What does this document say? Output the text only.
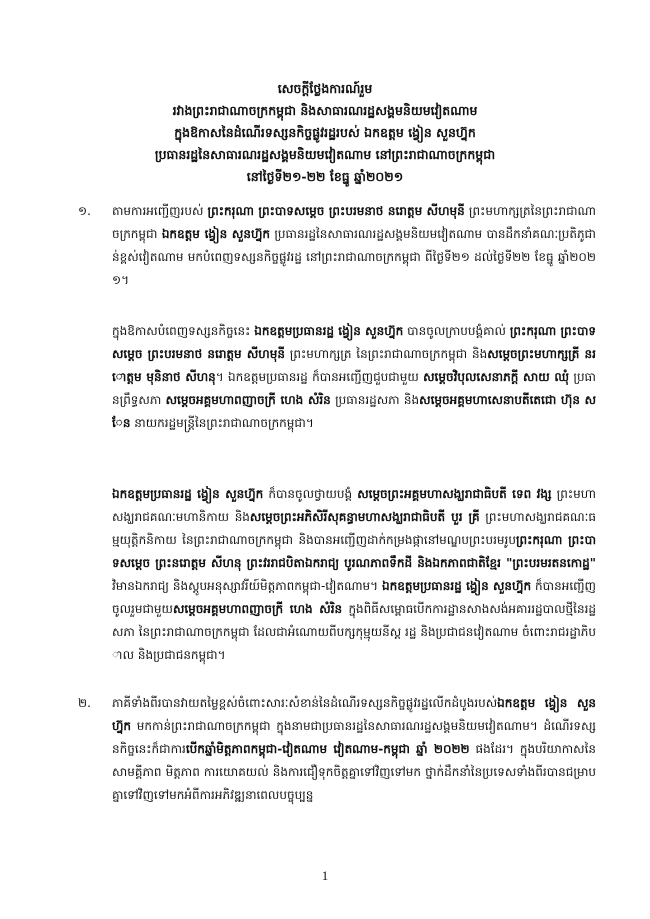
សេចក្តីថ្លែងការណ៍រួម
រវាងព្រះរាជាណាចក្រកម្ពុជា និងសាធារណរដ្ឋសង្គមនិយមវៀតណាម
ក្នុងឱកាសនៃដំណើរទស្សនកិច្ចផ្លូវរដ្ឋរបស់ ឯកឧត្តម ង្វៀន សួនហ្វ៊ុក
ប្រធានរដ្ឋនៃសាធារណរដ្ឋសង្គមនិយមវៀតណាម នៅព្រះរាជាណាចក្រកម្ពុជា
នៅថ្ងៃទី២១-២២ ខែធ្នូ ឆ្នាំ២០២១
១. តាមការអញ្ជើញរបស់ ព្រះករុណា ព្រះបាទសម្តេច ព្រះបរមនាថ នរោត្តម សីហមុនី ព្រះមហាក្សត្រនៃព្រះរាជាណាចក្រកម្ពុជា ឯកឧត្តម ង្វៀន សួនហ្វ៊ុក ប្រធានរដ្ឋនៃសាធារណរដ្ឋសង្គមនិយមវៀតណាម បានដឹកនាំគណៈប្រតិភូជាន់ខ្ពស់វៀតណាម មកបំពេញទស្សនកិច្ចផ្លូវរដ្ឋ នៅព្រះរាជាណាចក្រកម្ពុជា ពីថ្ងៃទី២១ ដល់ថ្ងៃទី២២ ខែធ្នូ ឆ្នាំ២០២១។
ក្នុងឱកាសបំពេញទស្សនកិច្ចនេះ ឯកឧត្តមប្រធានរដ្ឋ ង្វៀន សួនហ្វ៊ុក បានចូលក្រាបបង្គំគាល់ ព្រះករុណា ព្រះបាទសម្តេច ព្រះបរមនាថ នរោត្តម សីហមុនី ព្រះមហាក្សត្រ នៃព្រះរាជាណាចក្រកម្ពុជា និងសម្តេចព្រះមហាក្សត្រី នរោត្តម មុនិនាថ សីហនុ។ ឯកឧត្តមប្រធានរដ្ឋ ក៏បានអញ្ជើញជួបជាមួយ សម្តេចវិបុលសេនាភក្តី សាយ ឈុំ ប្រធានព្រឹទ្ធសភា សម្តេចអគ្គមហាពញាចក្រី ហេង សំរិន ប្រធានរដ្ឋសភា និងសម្តេចអគ្គមហាសេនាបតីតេជោ ហ៊ុន សែន នាយករដ្ឋមន្ត្រីនៃព្រះរាជាណាចក្រកម្ពុជា។
ឯកឧត្តមប្រធានរដ្ឋ ង្វៀន សួនហ្វ៊ុក ក៏បានចូលថ្វាយបង្គំ សម្តេចព្រះអគ្គមហាសង្ឃរាជាធិបតី ទេព វង្ស ព្រះមហាសង្ឃរាជគណៈមហានិកាយ និងសម្តេចព្រះអភិសិរីសុគន្ធាមហាសង្ឃរាជាធិបតី បួរ គ្រី ព្រះមហាសង្ឃរាជគណៈធម្មយុត្តិកនិកាយ នៃព្រះរាជាណាចក្រកម្ពុជា និងបានអញ្ជើញដាក់កម្រងផ្កានៅមណ្ឌបព្រះបរមរូបព្រះករុណា ព្រះបាទសម្តេច ព្រះនរោត្តម សីហនុ ព្រះវររាជបិតាឯករាជ្យ បូរណភាពទឹកដី និងឯកភាពជាតិខ្មែរ "ព្រះបរមរតនកោដ្ឋ" វិមានឯករាជ្យ និងស្តូបអនុស្សាវរីយ៍មិត្តភាពកម្ពុជា-វៀតណាម។ ឯកឧត្តមប្រធានរដ្ឋ ង្វៀន សួនហ្វ៊ុក ក៏បានអញ្ជើញចូលរួមជាមួយសម្តេចអគ្គមហាពញាចក្រី ហេង សំរិន ក្នុងពិធីសម្ពោធបើកការដ្ឋានសាងសង់អគាររដ្ឋបាលថ្មីនៃរដ្ឋសភា នៃព្រះរាជាណាចក្រកម្ពុជា ដែលជាអំណោយពីបក្សកុម្មុយនីស្ត រដ្ឋ និងប្រជាជនវៀតណាម ចំពោះរាជរដ្ឋាភិបាល និងប្រជាជនកម្ពុជា។
២. ភាគីទាំងពីរបានវាយតម្លៃខ្ពស់ចំពោះសារៈសំខាន់នៃដំណើរទស្សនកិច្ចផ្លូវរដ្ឋលើកដំបូងរបស់ឯកឧត្តម ង្វៀន សួនហ្វ៊ុក មកកាន់ព្រះរាជាណាចក្រកម្ពុជា ក្នុងនាមជាប្រធានរដ្ឋនៃសាធារណរដ្ឋសង្គមនិយមវៀតណាម។ ដំណើរទស្សនកិច្ចនេះក៏ជាការបើកឆ្នាំមិត្តភាពកម្ពុជា-វៀតណាម វៀតណាម-កម្ពុជា ឆ្នាំ ២០២២ ផងដែរ។ ក្នុងបរិយាកាសនៃសាមគ្គីភាព មិត្តភាព ការយោគយល់ និងការជឿទុកចិត្តគ្នាទៅវិញទៅមក ថ្នាក់ដឹកនាំនៃប្រទេសទាំងពីរបានជម្រាបគ្នាទៅវិញទៅមកអំពីការអភិវឌ្ឍនាពេលបច្ចុប្បន្ន
1
